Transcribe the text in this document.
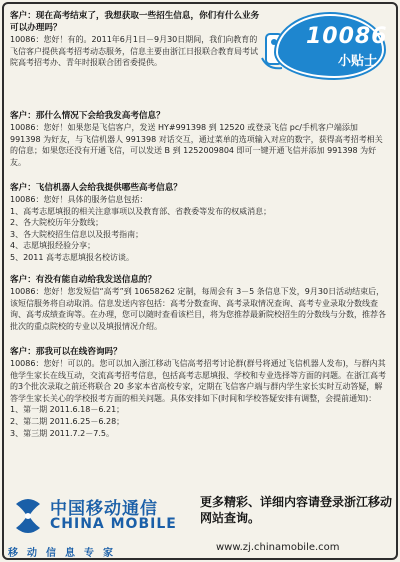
10086
小贴士
客户：现在高考结束了，我想获取一些招生信息，你们有什么业务可以办理吗？

10086：您好！有的。2011年6月1日－9月30日期间，我们向教育的飞信客户提供高考招考动态服务，信息主要由浙江日报联合教育局考试院高考招考办、青年时报联合团省委提供。

客户：那什么情况下会给我发高考信息？

10086：您好！如果您是飞信客户，发送 HY#991398 到 12520 或登录飞信 pc/手机客户端添加 991398 为好友，与飞信机器人 991398 对话交互，通过菜单的选项输入对应的数字，获得高考招考相关的信息；如果您还没有开通飞信，可以发送 B 到 1252009804 即可一键开通飞信并添加 991398 为好友。

客户：飞信机器人会给我提供哪些高考信息？

10086：您好！具体的服务信息包括：

1、高考志愿填报的相关注意事项以及教育部、省教委等发布的权威消息；

2、各大院校历年分数线；

3、各大院校招生信息以及报考指南；

4、志愿填报经验分享；

5、2011 高考志愿填报名校访谈。

客户：有没有能自动给我发送信息的？

10086：您好！您发短信“高考”到 10658262 定制，每周会有 3－5 条信息下发，9月30日活动结束后，该短信服务将自动取消。信息发送内容包括：高考分数查询、高考录取情况查询、高考专业录取分数线查询、高考成绩查询等。在办理，您可以随时查看该栏目，将为您推荐最新院校招生的分数线与分数，推荐各批次的重点院校的专业以及填报情况介绍。

客户：那我可以在线咨询吗？

10086：您好！可以的。您可以加入浙江移动飞信高考招考讨论群(群号将通过飞信机器人发布)，与群内其他学生家长在线互动，交流高考招考信息，包括高考志愿填报、学校和专业选择等方面的问题。在浙江高考的3个批次录取之前还将联合 20 多家本省高校专家，定期在飞信客户端与群内学生家长实时互动答疑，解答学生家长关心的学校报考方面的相关问题。具体安排如下(时间和学校答疑安排有调整，会提前通知)：

1、第一期 2011.6.18－6.21；

2、第二期 2011.6.25－6.28；

3、第三期 2011.7.2－7.5。

中国移动通信
CHINA MOBILE
移动信息专家
更多精彩、详细内容请登录浙江移动网站查询。
www.zj.chinamobile.com
